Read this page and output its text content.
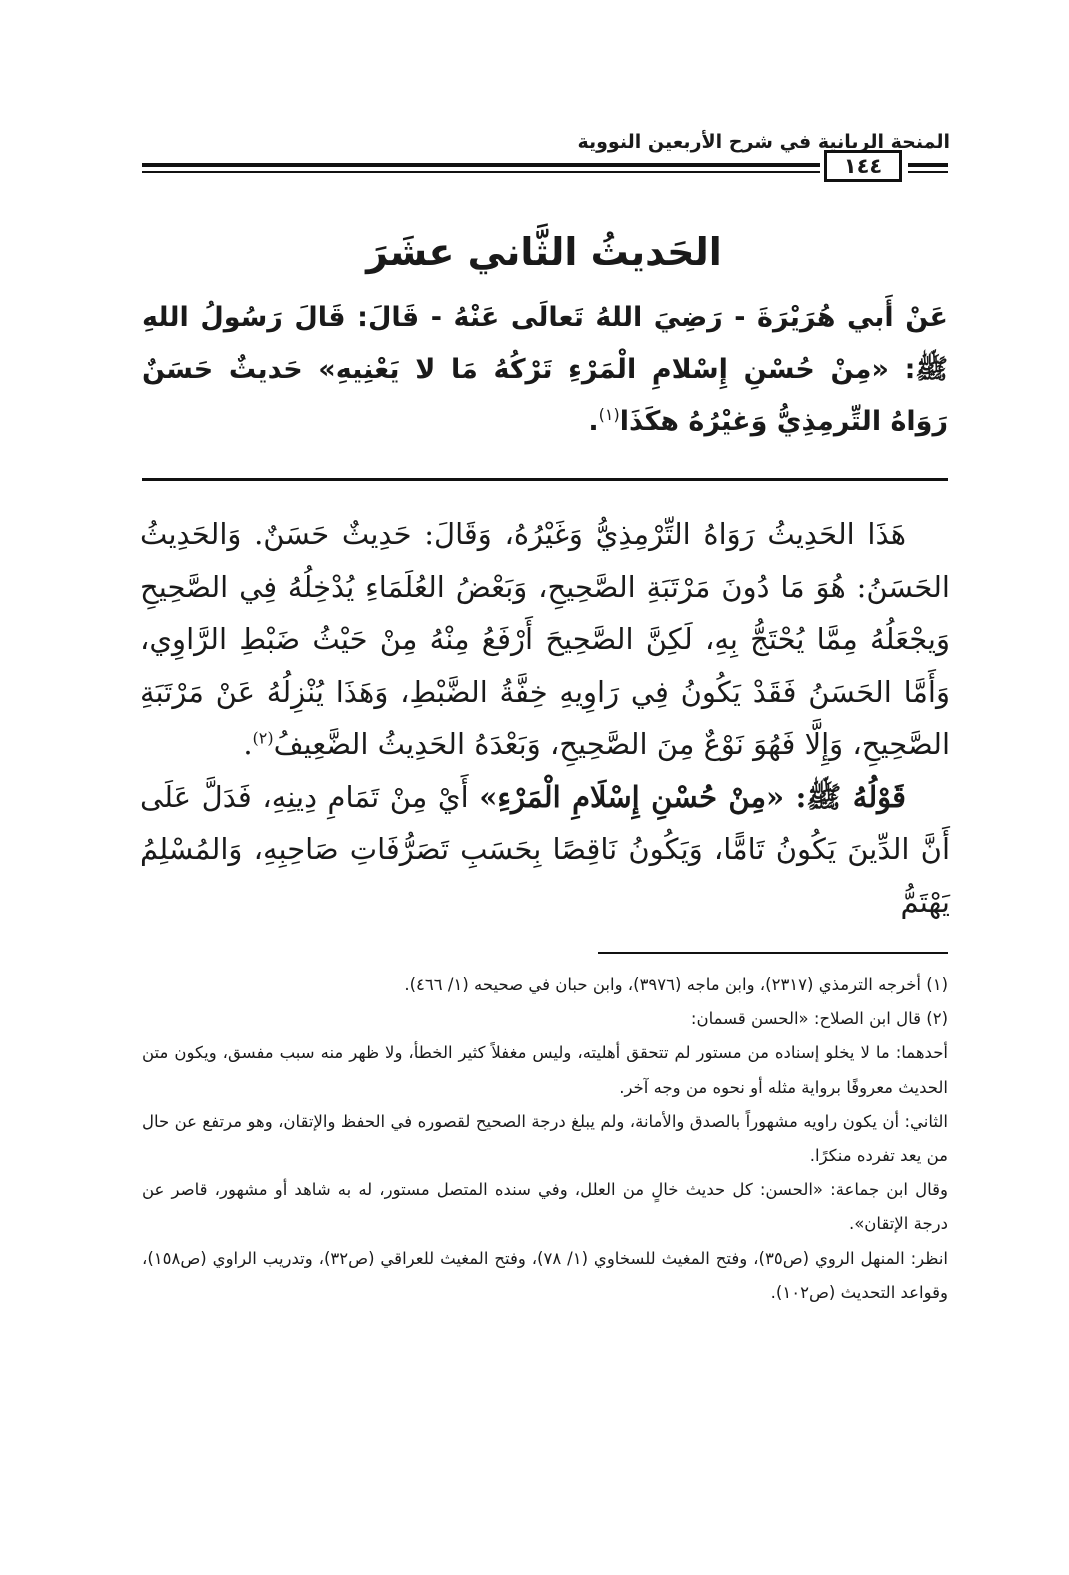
المنحة الربانية في شرح الأربعين النووية
١٤٤
الحَديثُ الثَّاني عشَرَ
عَنْ أَبي هُرَيْرَةَ - رَضِيَ اللهُ تَعالَى عَنْهُ - قَالَ: قَالَ رَسُولُ اللهِ ﷺ: «مِنْ حُسْنِ إِسْلامِ الْمَرْءِ تَرْكُهُ مَا لا يَعْنِيهِ» حَديثٌ حَسَنٌ رَوَاهُ التِّرمِذِيُّ وَغيْرُهُ هكَذَا$^{(١)}$.

هَذَا الحَدِيثُ رَوَاهُ التِّرْمِذِيُّ وَغَيْرُهُ، وَقَالَ: حَدِيثٌ حَسَنٌ. وَالحَدِيثُ الحَسَنُ: هُوَ مَا دُونَ مَرْتَبَةِ الصَّحِيحِ، وَبَعْضُ العُلَمَاءِ يُدْخِلُهُ فِي الصَّحِيحِ وَيجْعَلُهُ مِمَّا يُحْتَجُّ بِهِ، لَكِنَّ الصَّحِيحَ أَرْفَعُ مِنْهُ مِنْ حَيْثُ ضَبْطِ الرَّاوِي، وَأَمَّا الحَسَنُ فَقَدْ يَكُونُ فِي رَاوِيهِ خِفَّةُ الضَّبْطِ، وَهَذَا يُنْزِلُهُ عَنْ مَرْتَبَةِ الصَّحِيحِ، وَإِلَّا فَهُوَ نَوْعٌ مِنَ الصَّحِيحِ، وَبَعْدَهُ الحَدِيثُ الضَّعِيفُ$^{(٢)}$.

قَوْلُهُ ﷺ: «مِنْ حُسْنِ إِسْلَامِ الْمَرْءِ» أَيْ مِنْ تَمَامِ دِينِهِ، فَدَلَّ عَلَى أَنَّ الدِّينَ يَكُونُ تَامًّا، وَيَكُونُ نَاقِصًا بِحَسَبِ تَصَرُّفَاتِ صَاحِبِهِ، وَالمُسْلِمُ يَهْتَمُّ

(١) أخرجه الترمذي (٢٣١٧)، وابن ماجه (٣٩٧٦)، وابن حبان في صحيحه (١/ ٤٦٦).

(٢) قال ابن الصلاح: «الحسن قسمان:

أحدهما: ما لا يخلو إسناده من مستور لم تتحقق أهليته، وليس مغفلاً كثير الخطأ، ولا ظهر منه سبب مفسق، ويكون متن الحديث معروفًا برواية مثله أو نحوه من وجه آخر.

الثاني: أن يكون راويه مشهوراً بالصدق والأمانة، ولم يبلغ درجة الصحيح لقصوره في الحفظ والإتقان، وهو مرتفع عن حال من يعد تفرده منكرًا.

وقال ابن جماعة: «الحسن: كل حديث خالٍ من العلل، وفي سنده المتصل مستور، له به شاهد أو مشهور، قاصر عن درجة الإتقان».

انظر: المنهل الروي (ص٣٥)، وفتح المغيث للسخاوي (١/ ٧٨)، وفتح المغيث للعراقي (ص٣٢)، وتدريب الراوي (ص١٥٨)، وقواعد التحديث (ص١٠٢).
